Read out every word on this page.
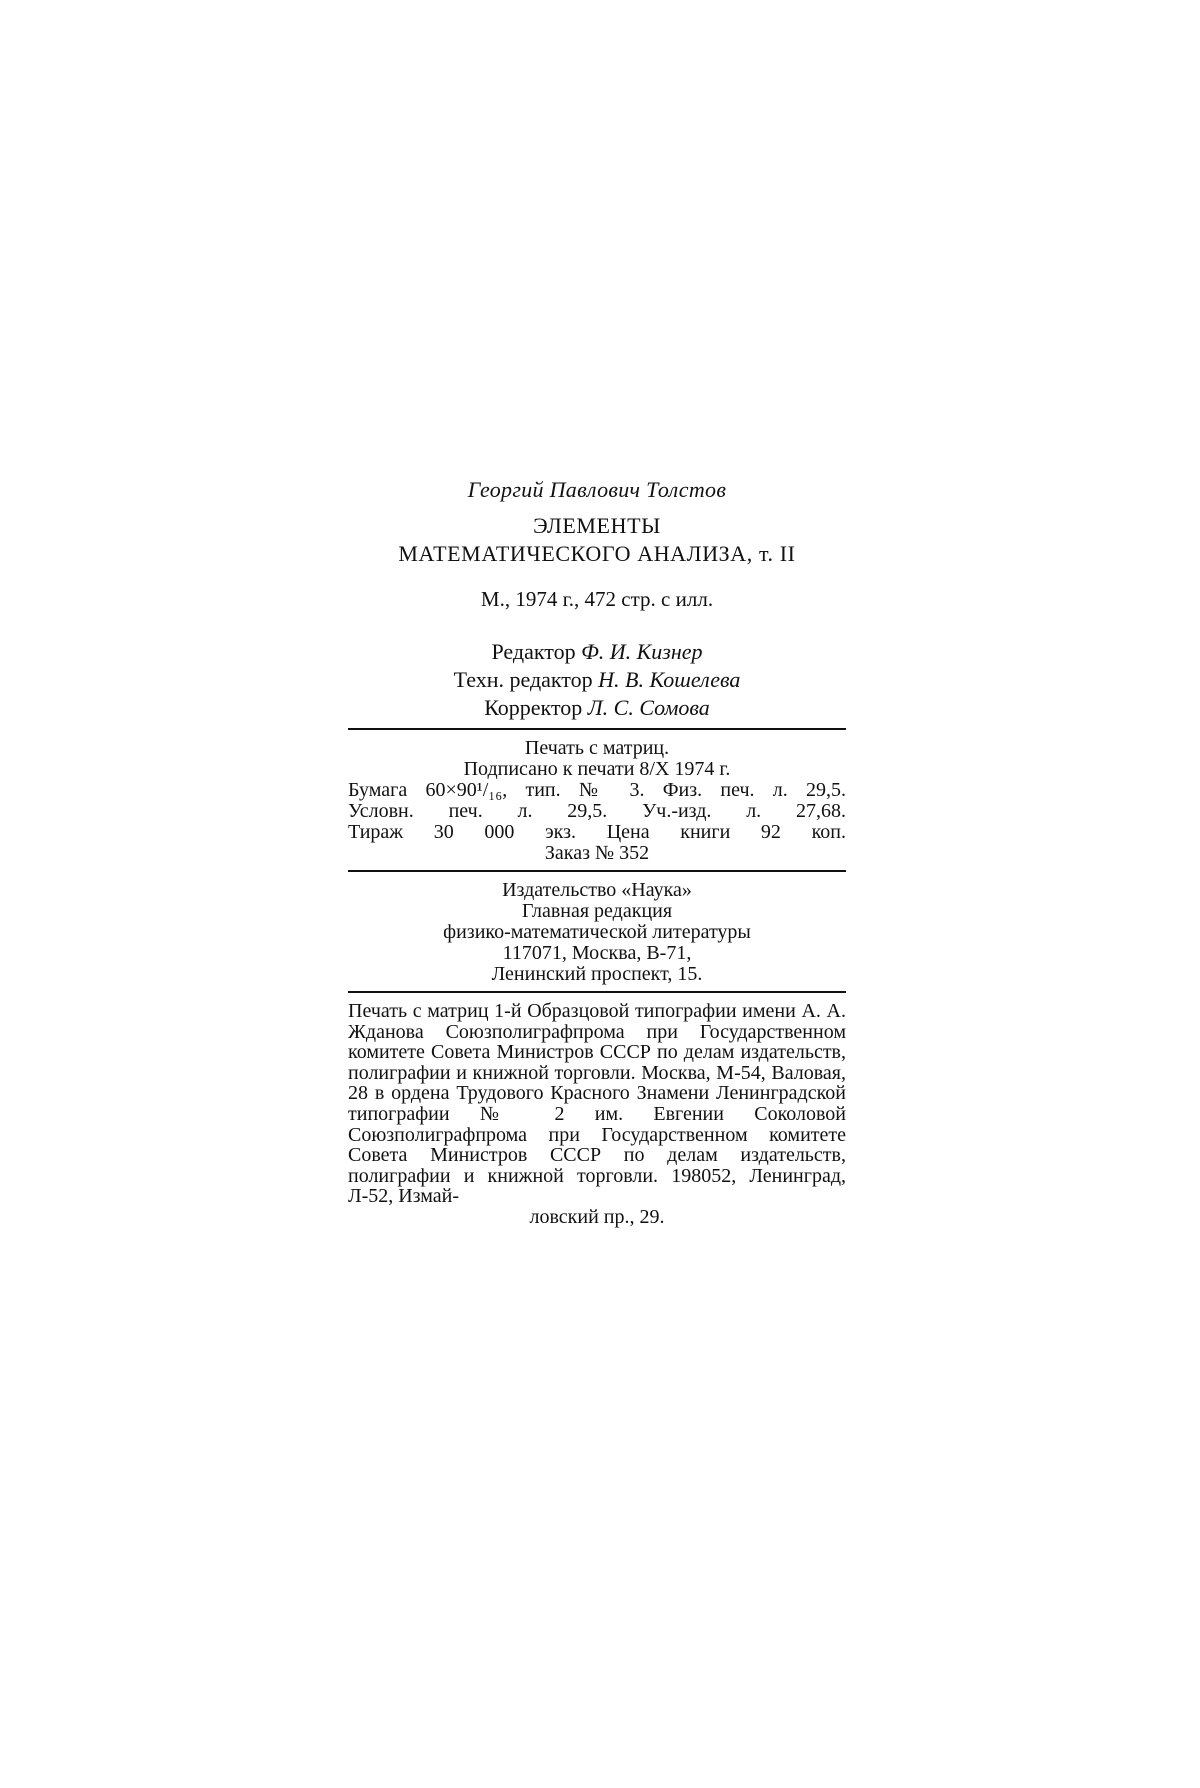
Георгий Павлович Толстов
ЭЛЕМЕНТЫ
МАТЕМАТИЧЕСКОГО АНАЛИЗА, т. II
М., 1974 г., 472 стр. с илл.
Редактор Ф. И. Кизнер
Техн. редактор Н. В. Кошелева
Корректор Л. С. Сомова
Печать с матриц.
Подписано к печати 8/X 1974 г.
Бумага 60×90¹/₁₆, тип. № 3. Физ. печ. л. 29,5.
Условн. печ. л. 29,5. Уч.-изд. л. 27,68.
Тираж 30 000 экз. Цена книги 92 коп.
Заказ № 352
Издательство «Наука»
Главная редакция
физико-математической литературы
117071, Москва, В-71,
Ленинский проспект, 15.
Печать с матриц 1-й Образцовой типографии имени А. А. Жданова Союзполиграфпрома при Государственном комитете Совета Министров СССР по делам издательств, полиграфии и книжной торговли. Москва, М-54, Валовая, 28 в ордена Трудового Красного Знамени Ленинградской типографии № 2 им. Евгении Соколовой Союзполиграфпрома при Государственном комитете Совета Министров СССР по делам издательств, полиграфии и книжной торговли. 198052, Ленинград, Л-52, Измай-
ловский пр., 29.
